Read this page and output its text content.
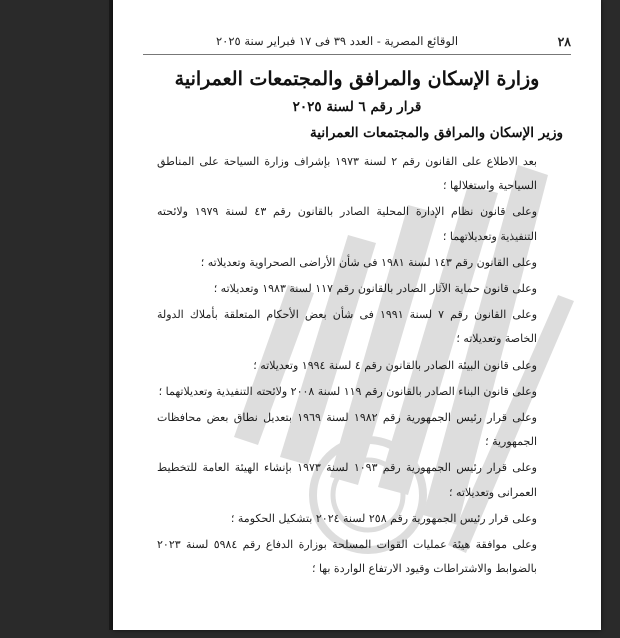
٢٨
الوقائع المصرية - العدد ٣٩ فى ١٧ فبراير سنة ٢٠٢٥
وزارة الإسكان والمرافق والمجتمعات العمرانية
قرار رقم ٦ لسنة ٢٠٢٥
وزير الإسكان والمرافق والمجتمعات العمرانية

بعد الاطلاع على القانون رقم ٢ لسنة ١٩٧٣ بإشراف وزارة السياحة على المناطق السياحية واستغلالها ؛

وعلى قانون نظام الإدارة المحلية الصادر بالقانون رقم ٤٣ لسنة ١٩٧٩ ولائحته التنفيذية وتعديلاتهما ؛

وعلى القانون رقم ١٤٣ لسنة ١٩٨١ فى شأن الأراضى الصحراوية وتعديلاته ؛

وعلى قانون حماية الآثار الصادر بالقانون رقم ١١٧ لسنة ١٩٨٣ وتعديلاته ؛

وعلى القانون رقم ٧ لسنة ١٩٩١ فى شأن بعض الأحكام المتعلقة بأملاك الدولة الخاصة وتعديلاته ؛

وعلى قانون البيئة الصادر بالقانون رقم ٤ لسنة ١٩٩٤ وتعديلاته ؛

وعلى قانون البناء الصادر بالقانون رقم ١١٩ لسنة ٢٠٠٨ ولائحته التنفيذية وتعديلاتهما ؛

وعلى قرار رئيس الجمهورية رقم ١٩٨٢ لسنة ١٩٦٩ بتعديل نطاق بعض محافظات الجمهورية ؛

وعلى قرار رئيس الجمهورية رقم ١٠٩٣ لسنة ١٩٧٣ بإنشاء الهيئة العامة للتخطيط العمرانى وتعديلاته ؛

وعلى قرار رئيس الجمهورية رقم ٢٥٨ لسنة ٢٠٢٤ بتشكيل الحكومة ؛

وعلى موافقة هيئة عمليات القوات المسلحة بوزارة الدفاع رقم ٥٩٨٤ لسنة ٢٠٢٣ بالضوابط والاشتراطات وقيود الارتفاع الواردة بها ؛
